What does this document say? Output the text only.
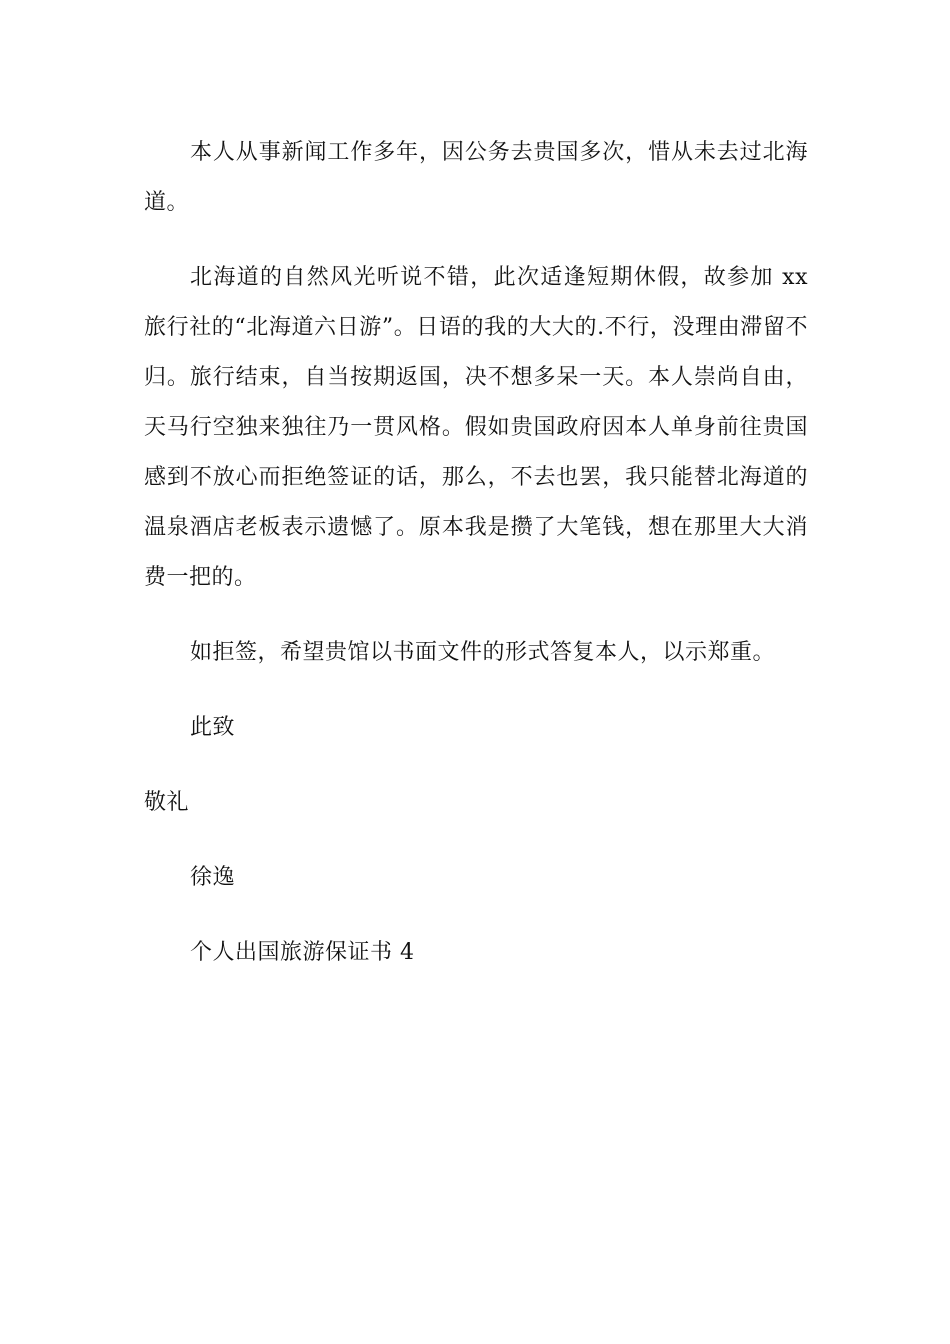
本人从事新闻工作多年，因公务去贵国多次，惜从未去过北海道。

北海道的自然风光听说不错，此次适逢短期休假，故参加 xx 旅行社的“北海道六日游”。日语的我的大大的.不行，没理由滞留不归。旅行结束，自当按期返国，决不想多呆一天。本人崇尚自由，天马行空独来独往乃一贯风格。假如贵国政府因本人单身前往贵国感到不放心而拒绝签证的话，那么，不去也罢，我只能替北海道的温泉酒店老板表示遗憾了。原本我是攒了大笔钱，想在那里大大消费一把的。

如拒签，希望贵馆以书面文件的形式答复本人，以示郑重。

此致

敬礼

徐逸

个人出国旅游保证书 4
